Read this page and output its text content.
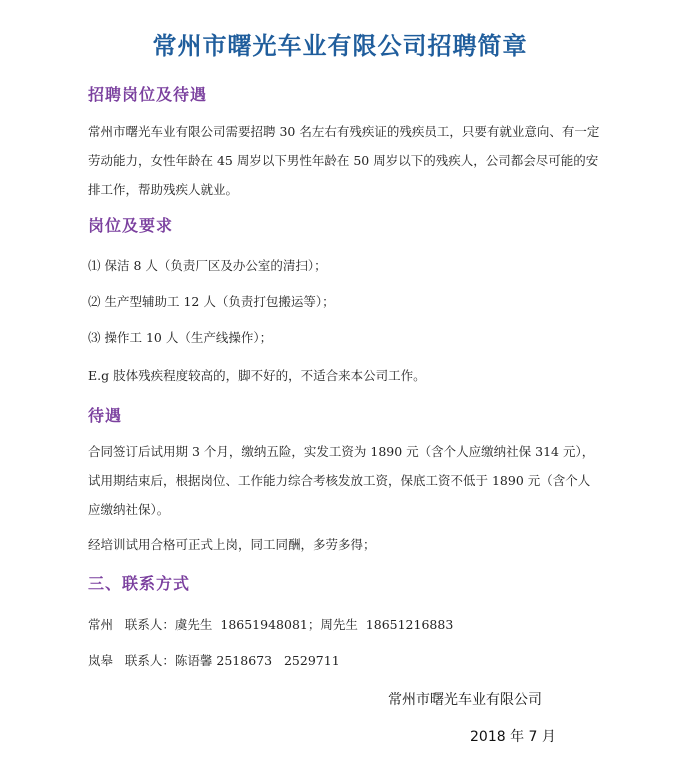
常州市曙光车业有限公司招聘简章
招聘岗位及待遇

常州市曙光车业有限公司需要招聘 30 名左右有残疾证的残疾员工，只要有就业意向、有一定劳动能力，女性年龄在 45 周岁以下男性年龄在 50 周岁以下的残疾人，公司都会尽可能的安排工作，帮助残疾人就业。

岗位及要求

⑴ 保洁 8 人（负责厂区及办公室的清扫）；

⑵ 生产型辅助工 12 人（负责打包搬运等）；

⑶ 操作工 10 人（生产线操作）；

E.g 肢体残疾程度较高的，脚不好的，不适合来本公司工作。

待遇

合同签订后试用期 3 个月，缴纳五险，实发工资为 1890 元（含个人应缴纳社保 314 元），试用期结束后，根据岗位、工作能力综合考核发放工资，保底工资不低于 1890 元（含个人应缴纳社保）。

经培训试用合格可正式上岗，同工同酬，多劳多得；

三、联系方式

常州   联系人：虞先生  18651948081；周先生  18651216883

岚皋   联系人：陈语馨 2518673   2529711

常州市曙光车业有限公司

2018 年 7 月
